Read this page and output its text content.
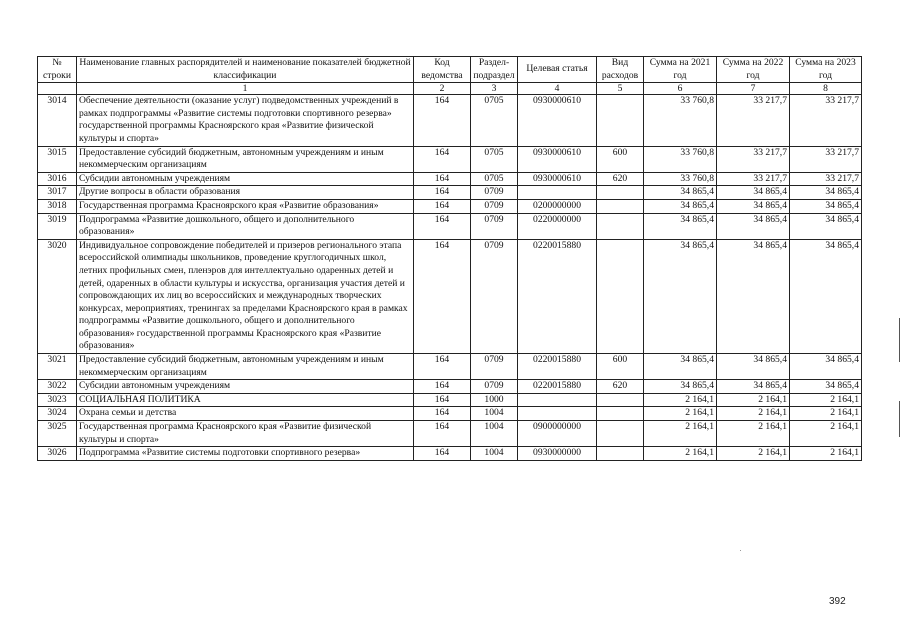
№ строки	Наименование главных распорядителей и наименование показателей бюджетной классификации	Код ведомства	Раздел-подраздел	Целевая статья	Вид расходов	Сумма на 2021 год	Сумма на 2022 год	Сумма на 2023 год
	1	2	3	4	5	6	7	8
3014	Обеспечение деятельности (оказание услуг) подведомственных учреждений в рамках подпрограммы «Развитие системы подготовки спортивного резерва» государственной программы Красноярского края «Развитие физической культуры и спорта»	164	0705	0930000610		33 760,8	33 217,7	33 217,7
3015	Предоставление субсидий бюджетным, автономным учреждениям и иным некоммерческим организациям	164	0705	0930000610	600	33 760,8	33 217,7	33 217,7
3016	Субсидии автономным учреждениям	164	0705	0930000610	620	33 760,8	33 217,7	33 217,7
3017	Другие вопросы в области образования	164	0709			34 865,4	34 865,4	34 865,4
3018	Государственная программа Красноярского края «Развитие образования»	164	0709	0200000000		34 865,4	34 865,4	34 865,4
3019	Подпрограмма «Развитие дошкольного, общего и дополнительного образования»	164	0709	0220000000		34 865,4	34 865,4	34 865,4
3020	Индивидуальное сопровождение победителей и призеров регионального этапа всероссийской олимпиады школьников, проведение круглогодичных школ, летних профильных смен, пленэров для интеллектуально одаренных детей и детей, одаренных в области культуры и искусства, организация участия детей и сопровождающих их лиц во всероссийских и международных творческих конкурсах, мероприятиях, тренингах за пределами Красноярского края в рамках подпрограммы «Развитие дошкольного, общего и дополнительного образования» государственной программы Красноярского края «Развитие образования»	164	0709	0220015880		34 865,4	34 865,4	34 865,4
3021	Предоставление субсидий бюджетным, автономным учреждениям и иным некоммерческим организациям	164	0709	0220015880	600	34 865,4	34 865,4	34 865,4
3022	Субсидии автономным учреждениям	164	0709	0220015880	620	34 865,4	34 865,4	34 865,4
3023	СОЦИАЛЬНАЯ ПОЛИТИКА	164	1000			2 164,1	2 164,1	2 164,1
3024	Охрана семьи и детства	164	1004			2 164,1	2 164,1	2 164,1
3025	Государственная программа Красноярского края «Развитие физической культуры и спорта»	164	1004	0900000000		2 164,1	2 164,1	2 164,1
3026	Подпрограмма «Развитие системы подготовки спортивного резерва»	164	1004	0930000000		2 164,1	2 164,1	2 164,1
392
